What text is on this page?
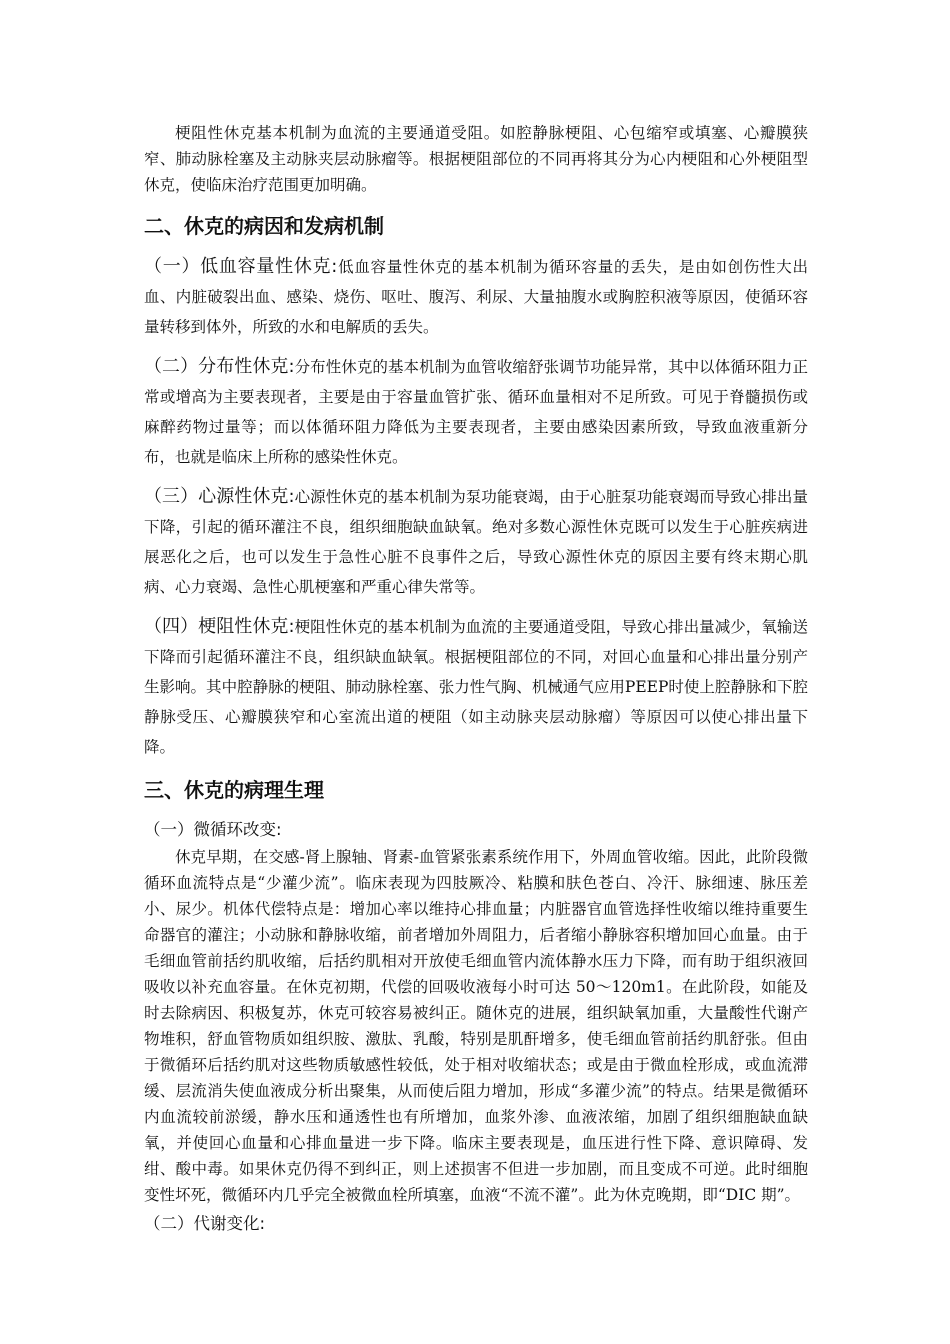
梗阻性休克基本机制为血流的主要通道受阻。如腔静脉梗阻、心包缩窄或填塞、心瓣膜狭窄、肺动脉栓塞及主动脉夹层动脉瘤等。根据梗阻部位的不同再将其分为心内梗阻和心外梗阻型休克，使临床治疗范围更加明确。

二、休克的病因和发病机制

（一）低血容量性休克:低血容量性休克的基本机制为循环容量的丢失，是由如创伤性大出血、内脏破裂出血、感染、烧伤、呕吐、腹泻、利尿、大量抽腹水或胸腔积液等原因，使循环容量转移到体外，所致的水和电解质的丢失。

（二）分布性休克:分布性休克的基本机制为血管收缩舒张调节功能异常，其中以体循环阻力正常或增高为主要表现者，主要是由于容量血管扩张、循环血量相对不足所致。可见于脊髓损伤或麻醉药物过量等；而以体循环阻力降低为主要表现者，主要由感染因素所致，导致血液重新分布，也就是临床上所称的感染性休克。

（三）心源性休克:心源性休克的基本机制为泵功能衰竭，由于心脏泵功能衰竭而导致心排出量下降，引起的循环灌注不良，组织细胞缺血缺氧。绝对多数心源性休克既可以发生于心脏疾病进展恶化之后，也可以发生于急性心脏不良事件之后，导致心源性休克的原因主要有终末期心肌病、心力衰竭、急性心肌梗塞和严重心律失常等。

（四）梗阻性休克:梗阻性休克的基本机制为血流的主要通道受阻，导致心排出量减少，氧输送下降而引起循环灌注不良，组织缺血缺氧。根据梗阻部位的不同，对回心血量和心排出量分别产生影响。其中腔静脉的梗阻、肺动脉栓塞、张力性气胸、机械通气应用PEEP时使上腔静脉和下腔静脉受压、心瓣膜狭窄和心室流出道的梗阻（如主动脉夹层动脉瘤）等原因可以使心排出量下降。

三、休克的病理生理

（一）微循环改变:

休克早期，在交感-肾上腺轴、肾素-血管紧张素系统作用下，外周血管收缩。因此，此阶段微循环血流特点是“少灌少流”。临床表现为四肢厥冷、粘膜和肤色苍白、冷汗、脉细速、脉压差小、尿少。机体代偿特点是：增加心率以维持心排血量；内脏器官血管选择性收缩以维持重要生命器官的灌注；小动脉和静脉收缩，前者增加外周阻力，后者缩小静脉容积增加回心血量。由于毛细血管前括约肌收缩，后括约肌相对开放使毛细血管内流体静水压力下降，而有助于组织液回吸收以补充血容量。在休克初期，代偿的回吸收液每小时可达 50～120m1。在此阶段，如能及时去除病因、积极复苏，休克可较容易被纠正。随休克的进展，组织缺氧加重，大量酸性代谢产物堆积，舒血管物质如组织胺、激肽、乳酸，特别是肌酐增多，使毛细血管前括约肌舒张。但由于微循环后括约肌对这些物质敏感性较低，处于相对收缩状态；或是由于微血栓形成，或血流滞缓、层流消失使血液成分析出聚集，从而使后阻力增加，形成“多灌少流”的特点。结果是微循环内血流较前淤缓，静水压和通透性也有所增加，血浆外渗、血液浓缩，加剧了组织细胞缺血缺氧，并使回心血量和心排血量进一步下降。临床主要表现是，血压进行性下降、意识障碍、发绀、酸中毒。如果休克仍得不到纠正，则上述损害不但进一步加剧，而且变成不可逆。此时细胞变性坏死，微循环内几乎完全被微血栓所填塞，血液“不流不灌”。此为休克晚期，即“DIC 期”。

（二）代谢变化:
